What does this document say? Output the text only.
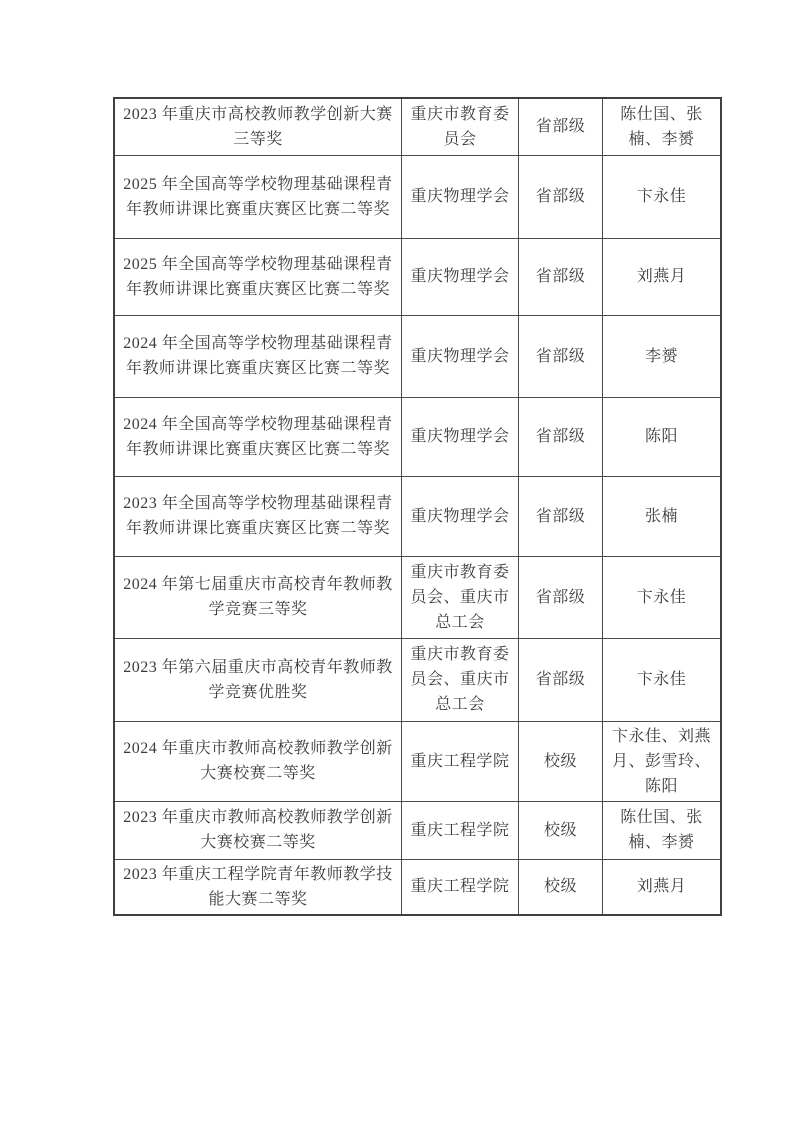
2023 年重庆市高校教师教学创新大赛三等奖	重庆市教育委员会	省部级	陈仕国、张楠、李赟
2025 年全国高等学校物理基础课程青年教师讲课比赛重庆赛区比赛二等奖	重庆物理学会	省部级	卞永佳
2025 年全国高等学校物理基础课程青年教师讲课比赛重庆赛区比赛二等奖	重庆物理学会	省部级	刘燕月
2024 年全国高等学校物理基础课程青年教师讲课比赛重庆赛区比赛二等奖	重庆物理学会	省部级	李赟
2024 年全国高等学校物理基础课程青年教师讲课比赛重庆赛区比赛二等奖	重庆物理学会	省部级	陈阳
2023 年全国高等学校物理基础课程青年教师讲课比赛重庆赛区比赛二等奖	重庆物理学会	省部级	张楠
2024 年第七届重庆市高校青年教师教学竞赛三等奖	重庆市教育委员会、重庆市总工会	省部级	卞永佳
2023 年第六届重庆市高校青年教师教学竞赛优胜奖	重庆市教育委员会、重庆市总工会	省部级	卞永佳
2024 年重庆市教师高校教师教学创新大赛校赛二等奖	重庆工程学院	校级	卞永佳、刘燕月、彭雪玲、陈阳
2023 年重庆市教师高校教师教学创新大赛校赛二等奖	重庆工程学院	校级	陈仕国、张楠、李赟
2023 年重庆工程学院青年教师教学技能大赛二等奖	重庆工程学院	校级	刘燕月
